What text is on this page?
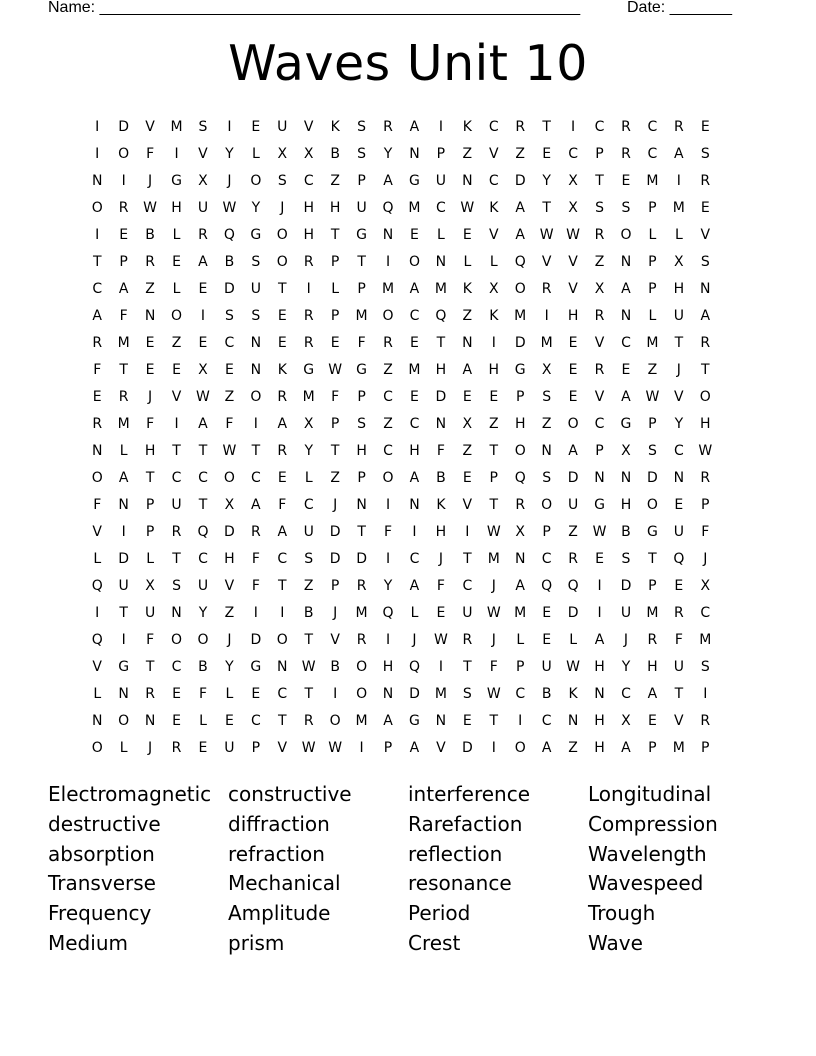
Name: ______________________________________________________	Date: _______
Waves Unit 10
I	D	V	M	S	I	E	U	V	K	S	R	A	I	K	C	R	T	I	C	R	C	R	E
I	O	F	I	V	Y	L	X	X	B	S	Y	N	P	Z	V	Z	E	C	P	R	C	A	S
N	I	J	G	X	J	O	S	C	Z	P	A	G	U	N	C	D	Y	X	T	E	M	I	R
O	R	W	H	U	W	Y	J	H	H	U	Q	M	C	W	K	A	T	X	S	S	P	M	E
I	E	B	L	R	Q	G	O	H	T	G	N	E	L	E	V	A	W W	R	O	L	L	V
T	P	R	E	A	B	S	O	R	P	T	I	O	N	L	L	Q	V	V	Z	N	P	X	S
C	A	Z	L	E	D	U	T	I	L	P	M	A	M	K	X	O	R	V	X	A	P	H	N
A	F	N	O	I	S	S	E	R	P	M	O	C	Q	Z	K	M	I	H	R	N	L	U	A
R	M	E	Z	E	C	N	E	R	E	F	R	E	T	N	I	D	M	E	V	C	M	T	R
F	T	E	E	X	E	N	K	G	W	G	Z	M	H	A	H	G	X	E	R	E	Z	J	T
E	R	J	V	W	Z	O	R	M	F	P	C	E	D	E	E	P	S	E	V	A	W	V	O
R	M	F	I	A	F	I	A	X	P	S	Z	C	N	X	Z	H	Z	O	C	G	P	Y	H
N	L	H	T	T	W	T	R	Y	T	H	C	H	F	Z	T	O	N	A	P	X	S	C	W
O	A	T	C	C	O	C	E	L	Z	P	O	A	B	E	P	Q	S	D	N	N	D	N	R
F	N	P	U	T	X	A	F	C	J	N	I	N	K	V	T	R	O	U	G	H	O	E	P
V	I	P	R	Q	D	R	A	U	D	T	F	I	H	I	W	X	P	Z	W	B	G	U	F
L	D	L	T	C	H	F	C	S	D	D	I	C	J	T	M	N	C	R	E	S	T	Q	J
Q	U	X	S	U	V	F	T	Z	P	R	Y	A	F	C	J	A	Q	Q	I	D	P	E	X
I	T	U	N	Y	Z	I	I	B	J	M	Q	L	E	U	W M	E	D	I	U	M	R	C
Q	I	F	O	O	J	D	O	T	V	R	I	J	W	R	J	L	E	L	A	J	R	F	M
V	G	T	C	B	Y	G	N	W	B	O	H	Q	I	T	F	P	U	W	H	Y	H	U	S
L	N	R	E	F	L	E	C	T	I	O	N	D	M	S	W	C	B	K	N	C	A	T	I
N	O	N	E	L	E	C	T	R	O	M	A	G	N	E	T	I	C	N	H	X	E	V	R
O	L	J	R	E	U	P	V	W W	I	P	A	V	D	I	O	A	Z	H	A	P	M	P
Electromagnetic constructive	interference	Longitudinal
destructive	diffraction	Rarefaction	Compression
absorption	refraction	reflection	Wavelength
Transverse	Mechanical	resonance	Wavespeed
Frequency	Amplitude	Period	Trough
Medium	prism	Crest	Wave
